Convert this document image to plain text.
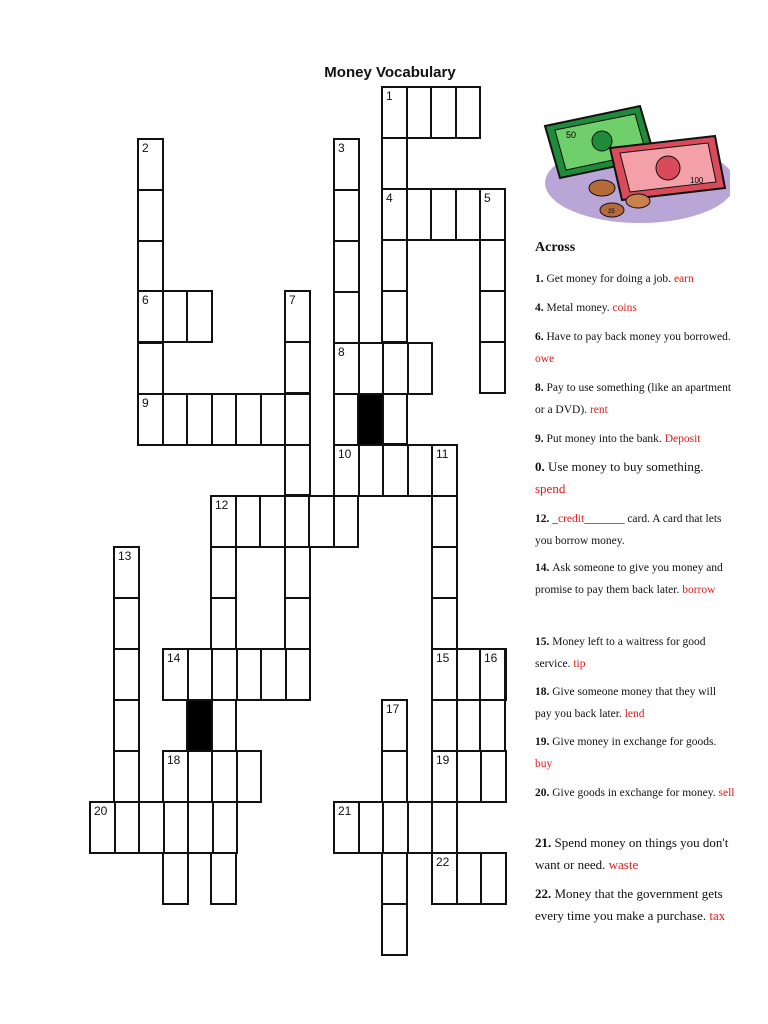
Money Vocabulary
1
4
2
9
3
8
5
6	7
10	11
15
19
12
13
14	16
17
18
20	21
22
50
100
25
Across
1. Get money for doing a job. earn
4. Metal money. coins
6. Have to pay back money you borrowed. owe
8. Pay to use something (like an apartment or a DVD). rent
9. Put money into the bank. Deposit
0. Use money to buy something. spend
12. _credit_______ card. A card that lets you borrow money.
14. Ask someone to give you money and promise to pay them back later. borrow
15. Money left to a waitress for good service. tip
18. Give someone money that they will pay you back later. lend
19. Give money in exchange for goods. buy
20. Give goods in exchange for money. sell
21. Spend money on things you don't want or need. waste
22. Money that the government gets every time you make a purchase. tax
